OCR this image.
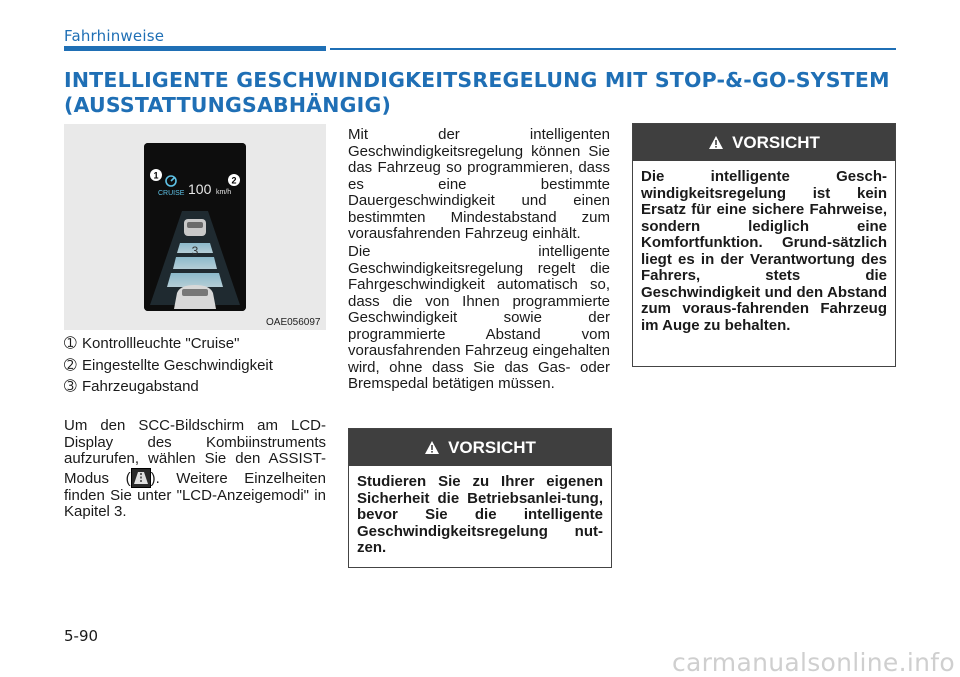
Fahrhinweise
INTELLIGENTE GESCHWINDIGKEITSREGELUNG MIT STOP-&-GO-SYSTEM
(AUSSTATTUNGSABHÄNGIG)
CRUISE 100 km/h
1	2
3
OAE056097
➀ Kontrollleuchte "Cruise"
➁ Eingestellte Geschwindigkeit
➂ Fahrzeugabstand
Um den SCC-Bildschirm am LCD-Display des Kombiinstruments aufzurufen, wählen Sie den ASSIST-Modus ( ). Weitere Einzelheiten finden Sie unter "LCD-Anzeigemodi" in Kapitel 3.
Mit der intelligenten Geschwindigkeitsregelung können Sie das Fahrzeug so programmieren, dass es eine bestimmte Dauergeschwindigkeit und einen bestimmten Mindestabstand zum vorausfahrenden Fahrzeug einhält.
Die intelligente Geschwindigkeitsregelung regelt die Fahrgeschwindigkeit automatisch so, dass die von Ihnen programmierte Geschwindigkeit sowie der programmierte Abstand vom vorausfahrenden Fahrzeug eingehalten wird, ohne dass Sie das Gas- oder Bremspedal betätigen müssen.
VORSICHT
Studieren Sie zu Ihrer eigenen Sicherheit die Betriebsanlei-tung, bevor Sie die intelligente Geschwindigkeitsregelung nut-zen.
VORSICHT
Die intelligente Gesch-windigkeitsregelung ist kein Ersatz für eine sichere Fahrweise, sondern lediglich eine Komfortfunktion. Grund-sätzlich liegt es in der Verantwortung des Fahrers, stets die Geschwindigkeit und den Abstand zum voraus-fahrenden Fahrzeug im Auge zu behalten.
5-90
carmanualsonline.info
